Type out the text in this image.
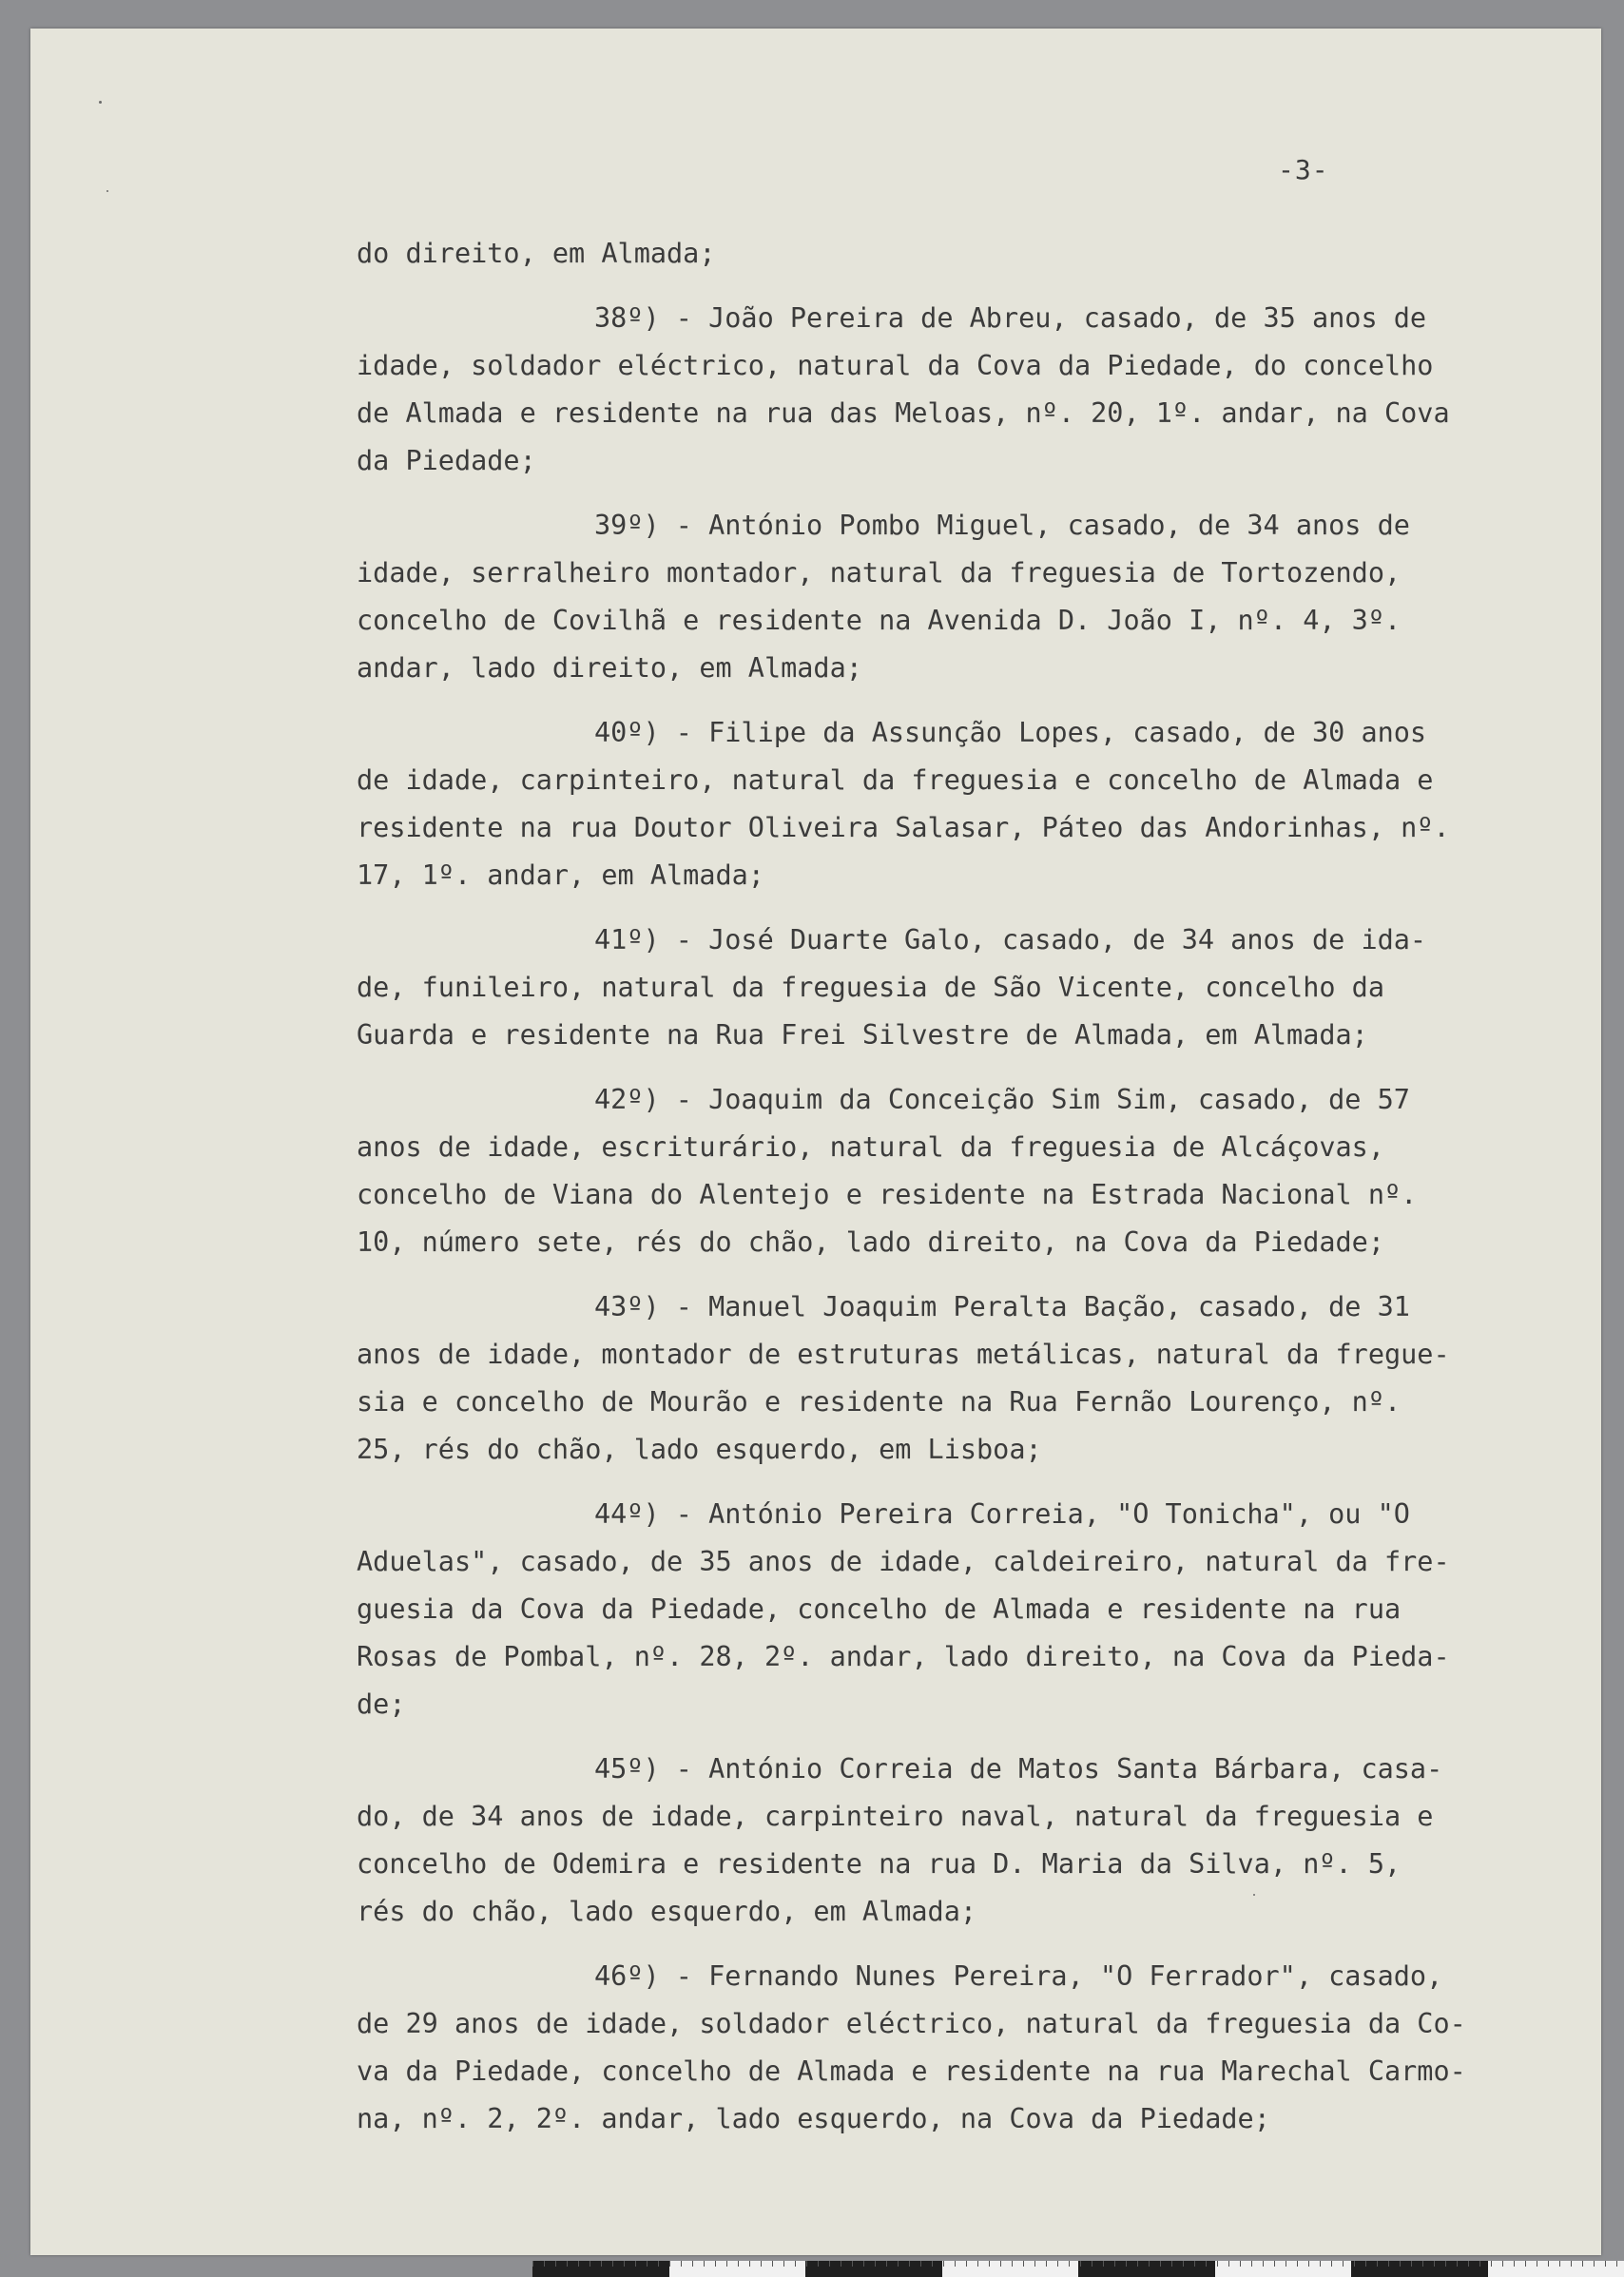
-3-
do direito, em Almada;
38º) - João Pereira de Abreu, casado, de 35 anos de
idade, soldador eléctrico, natural da Cova da Piedade, do concelho
de Almada e residente na rua das Meloas, nº. 20, 1º. andar, na Cova
da Piedade;
39º) - António Pombo Miguel, casado, de 34 anos de
idade, serralheiro montador, natural da freguesia de Tortozendo,
concelho de Covilhã e residente na Avenida D. João I, nº. 4, 3º.
andar, lado direito, em Almada;
40º) - Filipe da Assunção Lopes, casado, de 30 anos
de idade, carpinteiro, natural da freguesia e concelho de Almada e
residente na rua Doutor Oliveira Salasar, Páteo das Andorinhas, nº.
17, 1º. andar, em Almada;
41º) - José Duarte Galo, casado, de 34 anos de ida-
de, funileiro, natural da freguesia de São Vicente, concelho da
Guarda e residente na Rua Frei Silvestre de Almada, em Almada;
42º) - Joaquim da Conceição Sim Sim, casado, de 57
anos de idade, escriturário, natural da freguesia de Alcáçovas,
concelho de Viana do Alentejo e residente na Estrada Nacional nº.
10, número sete, rés do chão, lado direito, na Cova da Piedade;
43º) - Manuel Joaquim Peralta Bação, casado, de 31
anos de idade, montador de estruturas metálicas, natural da fregue-
sia e concelho de Mourão e residente na Rua Fernão Lourenço, nº.
25, rés do chão, lado esquerdo, em Lisboa;
44º) - António Pereira Correia, "O Tonicha", ou "O
Aduelas", casado, de 35 anos de idade, caldeireiro, natural da fre-
guesia da Cova da Piedade, concelho de Almada e residente na rua
Rosas de Pombal, nº. 28, 2º. andar, lado direito, na Cova da Pieda-
de;
45º) - António Correia de Matos Santa Bárbara, casa-
do, de 34 anos de idade, carpinteiro naval, natural da freguesia e
concelho de Odemira e residente na rua D. Maria da Silva, nº. 5,
rés do chão, lado esquerdo, em Almada;
46º) - Fernando Nunes Pereira, "O Ferrador", casado,
de 29 anos de idade, soldador eléctrico, natural da freguesia da Co-
va da Piedade, concelho de Almada e residente na rua Marechal Carmo-
na, nº. 2, 2º. andar, lado esquerdo, na Cova da Piedade;
